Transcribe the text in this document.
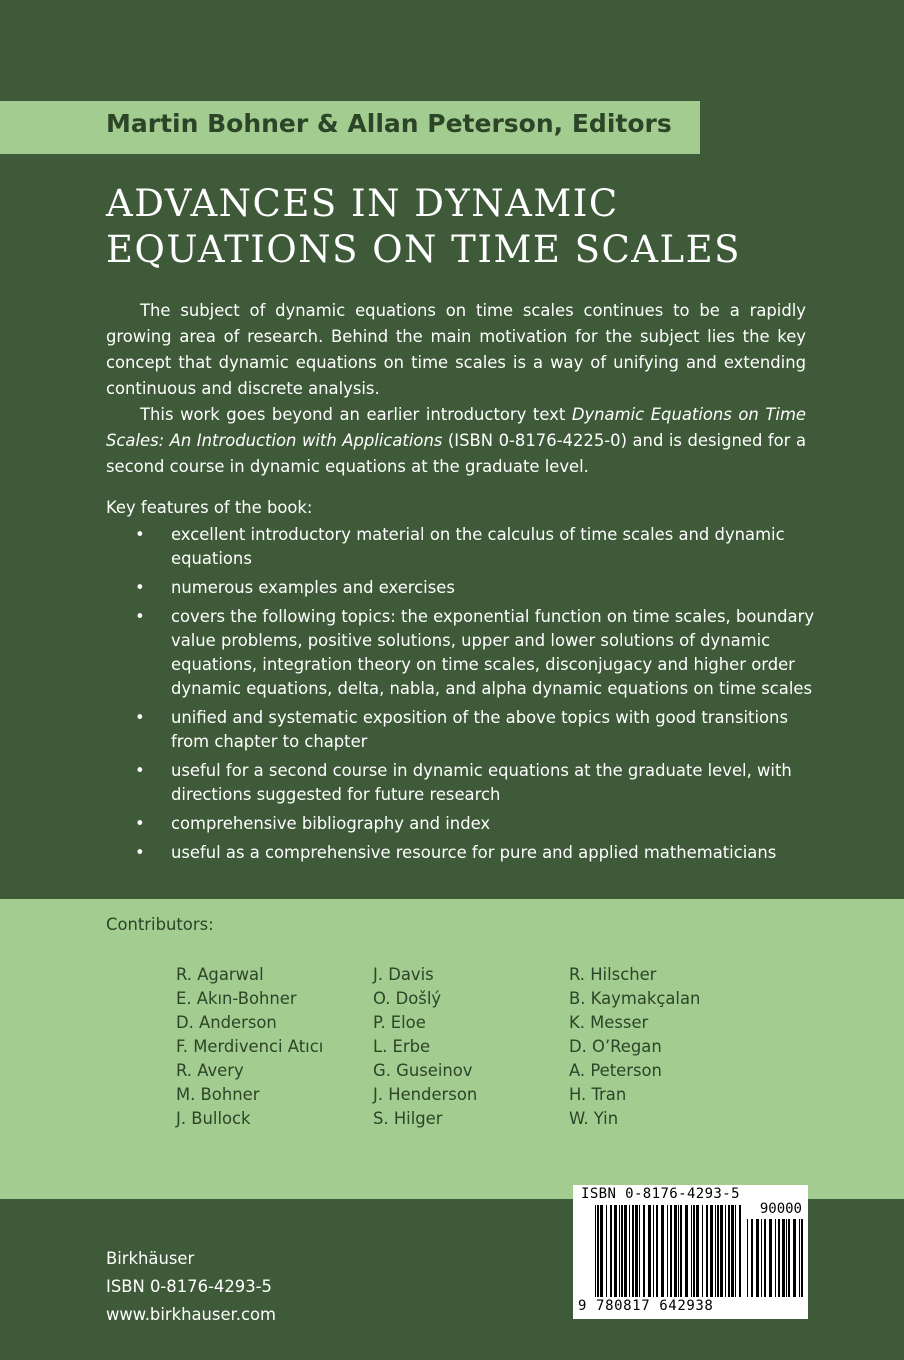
Martin Bohner & Allan Peterson, Editors
ADVANCES IN DYNAMIC
EQUATIONS ON TIME SCALES

The subject of dynamic equations on time scales continues to be a rapidly growing area of research. Behind the main motivation for the subject lies the key concept that dynamic equations on time scales is a way of unifying and extending continuous and discrete analysis.

This work goes beyond an earlier introductory text Dynamic Equations on Time Scales: An Introduction with Applications (ISBN 0-8176-4225-0) and is designed for a second course in dynamic equations at the graduate level.

Key features of the book:
• excellent introductory material on the calculus of time scales and dynamic equations
• numerous examples and exercises
• covers the following topics: the exponential function on time scales, boundary value problems, positive solutions, upper and lower solutions of dynamic equations, integration theory on time scales, disconjugacy and higher order dynamic equations, delta, nabla, and alpha dynamic equations on time scales
• unified and systematic exposition of the above topics with good transitions from chapter to chapter
• useful for a second course in dynamic equations at the graduate level, with directions suggested for future research
• comprehensive bibliography and index
• useful as a comprehensive resource for pure and applied mathematicians
Contributors:
R. Agarwal
E. Akın-Bohner
D. Anderson
F. Merdivenci Atıcı
R. Avery
M. Bohner
J. Bullock
J. Davis
O. Došlý
P. Eloe
L. Erbe
G. Guseinov
J. Henderson
S. Hilger
R. Hilscher
B. Kaymakçalan
K. Messer
D. O’Regan
A. Peterson
H. Tran
W. Yin
Birkhäuser
ISBN 0-8176-4293-5
www.birkhauser.com
ISBN 0-8176-4293-5
90000
9 780817 642938
